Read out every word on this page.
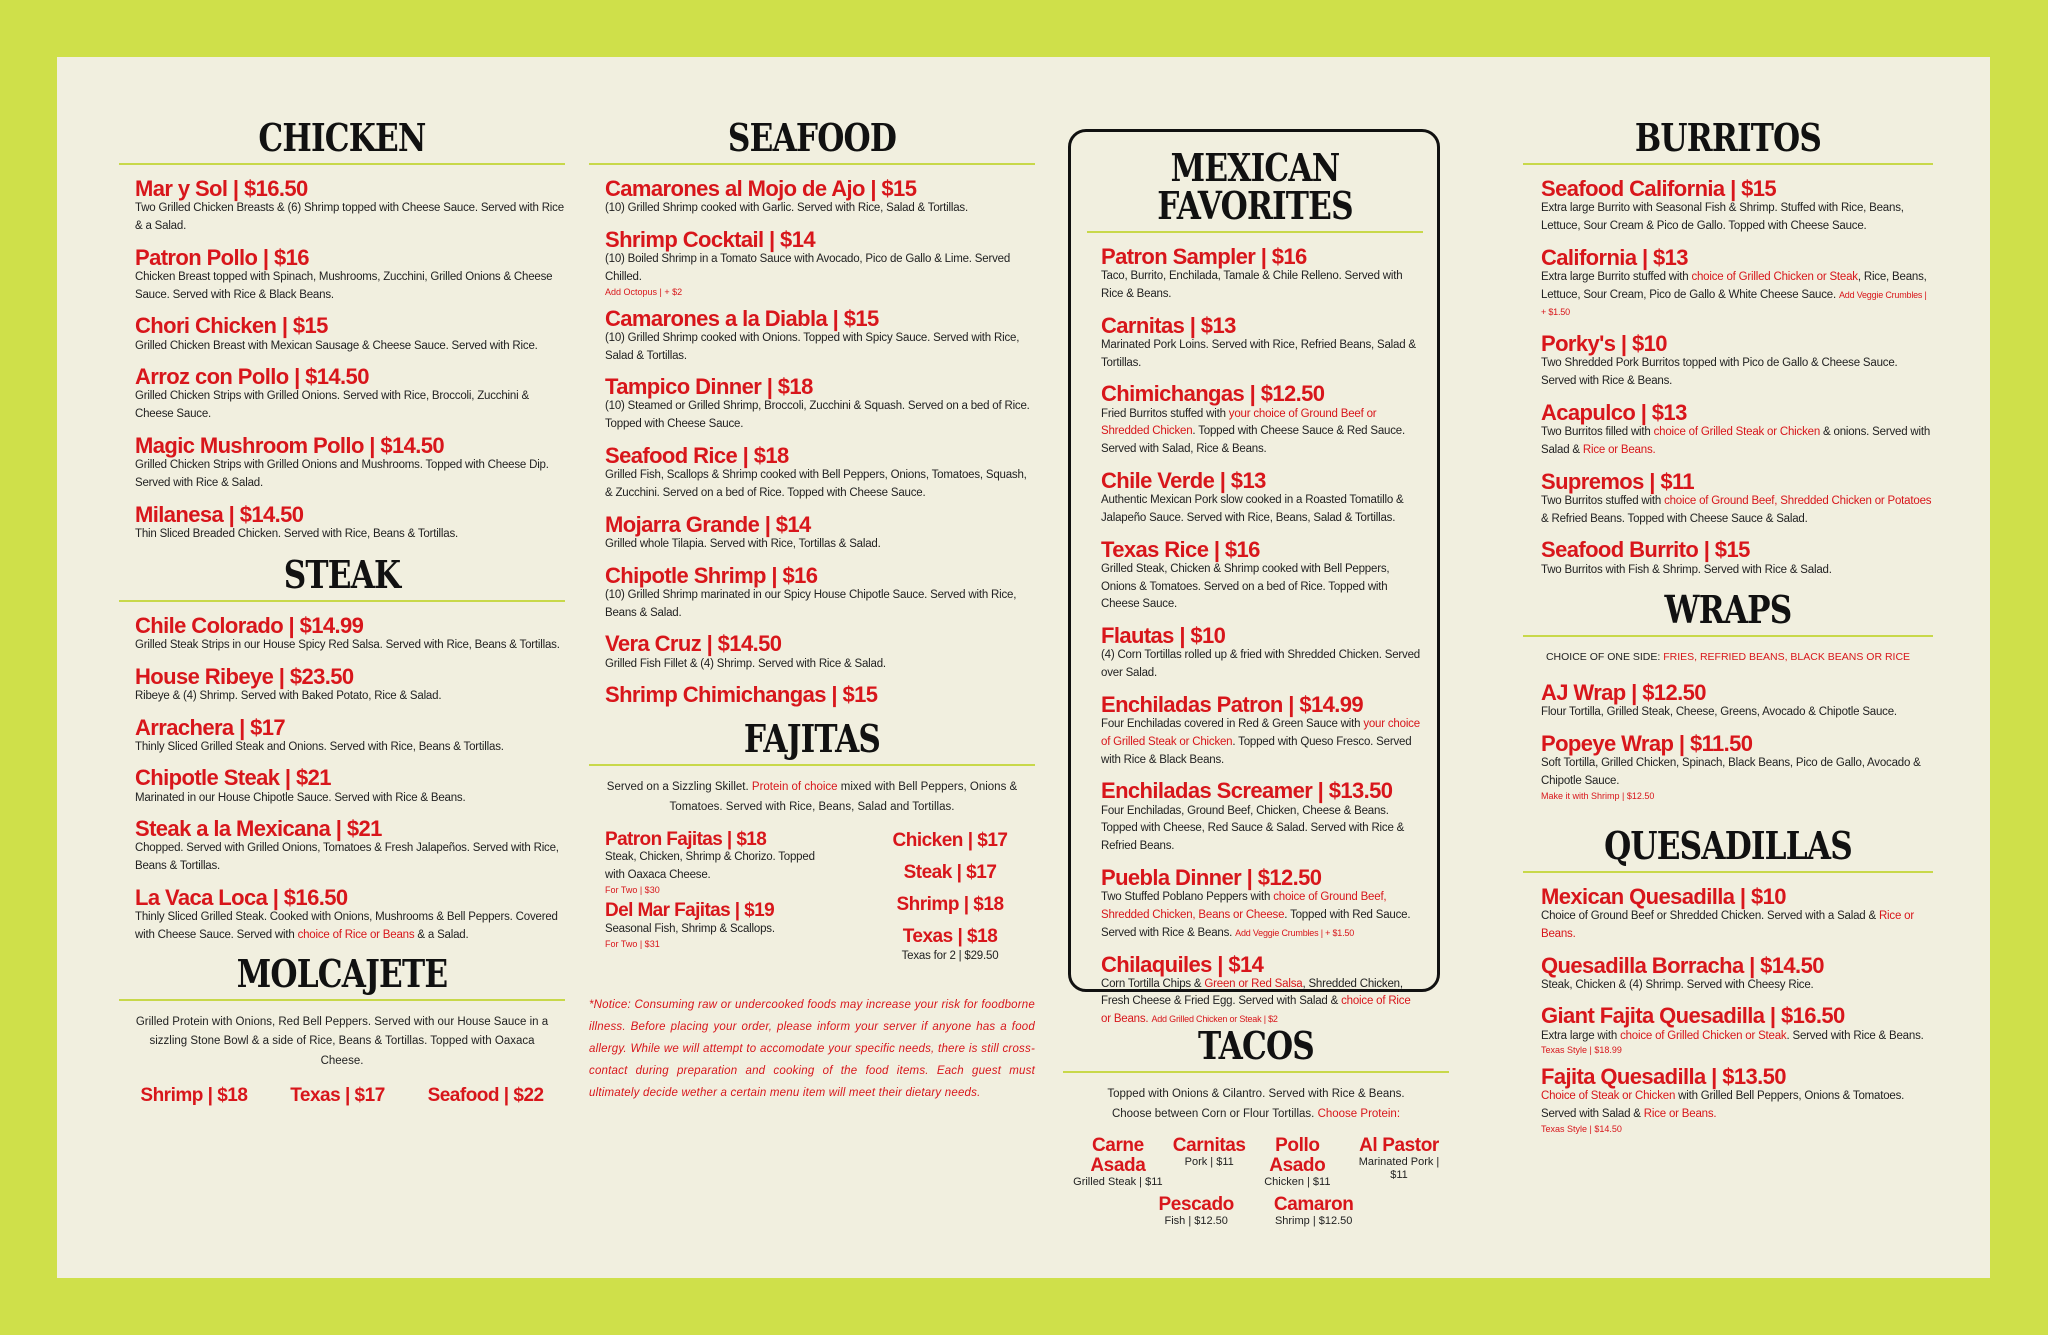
CHICKEN
Mar y Sol | $16.50
Two Grilled Chicken Breasts & (6) Shrimp topped with Cheese Sauce. Served with Rice & a Salad.
Patron Pollo | $16
Chicken Breast topped with Spinach, Mushrooms, Zucchini, Grilled Onions & Cheese Sauce. Served with Rice & Black Beans.
Chori Chicken | $15
Grilled Chicken Breast with Mexican Sausage & Cheese Sauce. Served with Rice.
Arroz con Pollo | $14.50
Grilled Chicken Strips with Grilled Onions. Served with Rice, Broccoli, Zucchini & Cheese Sauce.
Magic Mushroom Pollo | $14.50
Grilled Chicken Strips with Grilled Onions and Mushrooms. Topped with Cheese Dip. Served with Rice & Salad.
Milanesa | $14.50
Thin Sliced Breaded Chicken. Served with Rice, Beans & Tortillas.
STEAK
Chile Colorado | $14.99
Grilled Steak Strips in our House Spicy Red Salsa. Served with Rice, Beans & Tortillas.
House Ribeye | $23.50
Ribeye & (4) Shrimp. Served with Baked Potato, Rice & Salad.
Arrachera | $17
Thinly Sliced Grilled Steak and Onions. Served with Rice, Beans & Tortillas.
Chipotle Steak | $21
Marinated in our House Chipotle Sauce. Served with Rice & Beans.
Steak a la Mexicana | $21
Chopped. Served with Grilled Onions, Tomatoes & Fresh Jalapeños. Served with Rice, Beans & Tortillas.
La Vaca Loca | $16.50
Thinly Sliced Grilled Steak. Cooked with Onions, Mushrooms & Bell Peppers. Covered with Cheese Sauce. Served with choice of Rice or Beans & a Salad.
MOLCAJETE
Grilled Protein with Onions, Red Bell Peppers. Served with our House Sauce in a sizzling Stone Bowl & a side of Rice, Beans & Tortillas. Topped with Oaxaca Cheese.
Shrimp | $18 Texas | $17 Seafood | $22
SEAFOOD
Camarones al Mojo de Ajo | $15
(10) Grilled Shrimp cooked with Garlic. Served with Rice, Salad & Tortillas.
Shrimp Cocktail | $14
(10) Boiled Shrimp in a Tomato Sauce with Avocado, Pico de Gallo & Lime. Served Chilled.
Add Octopus | + $2
Camarones a la Diabla | $15
(10) Grilled Shrimp cooked with Onions. Topped with Spicy Sauce. Served with Rice, Salad & Tortillas.
Tampico Dinner | $18
(10) Steamed or Grilled Shrimp, Broccoli, Zucchini & Squash. Served on a bed of Rice. Topped with Cheese Sauce.
Seafood Rice | $18
Grilled Fish, Scallops & Shrimp cooked with Bell Peppers, Onions, Tomatoes, Squash, & Zucchini. Served on a bed of Rice. Topped with Cheese Sauce.
Mojarra Grande | $14
Grilled whole Tilapia. Served with Rice, Tortillas & Salad.
Chipotle Shrimp | $16
(10) Grilled Shrimp marinated in our Spicy House Chipotle Sauce. Served with Rice, Beans & Salad.
Vera Cruz | $14.50
Grilled Fish Fillet & (4) Shrimp. Served with Rice & Salad.
Shrimp Chimichangas | $15
FAJITAS
Served on a Sizzling Skillet. Protein of choice mixed with Bell Peppers, Onions & Tomatoes. Served with Rice, Beans, Salad and Tortillas.
Patron Fajitas | $18
Steak, Chicken, Shrimp & Chorizo. Topped with Oaxaca Cheese.
For Two | $30
Del Mar Fajitas | $19
Seasonal Fish, Shrimp & Scallops.
For Two | $31
Chicken | $17
Steak | $17
Shrimp | $18
Texas | $18
Texas for 2 | $29.50
*Notice: Consuming raw or undercooked foods may increase your risk for foodborne illness. Before placing your order, please inform your server if anyone has a food allergy. While we will attempt to accomodate your specific needs, there is still cross-contact during preparation and cooking of the food items. Each guest must ultimately decide wether a certain menu item will meet their dietary needs.
MEXICAN FAVORITES
Patron Sampler | $16
Taco, Burrito, Enchilada, Tamale & Chile Relleno. Served with Rice & Beans.
Carnitas | $13
Marinated Pork Loins. Served with Rice, Refried Beans, Salad & Tortillas.
Chimichangas | $12.50
Fried Burritos stuffed with your choice of Ground Beef or Shredded Chicken. Topped with Cheese Sauce & Red Sauce. Served with Salad, Rice & Beans.
Chile Verde | $13
Authentic Mexican Pork slow cooked in a Roasted Tomatillo & Jalapeño Sauce. Served with Rice, Beans, Salad & Tortillas.
Texas Rice | $16
Grilled Steak, Chicken & Shrimp cooked with Bell Peppers, Onions & Tomatoes. Served on a bed of Rice. Topped with Cheese Sauce.
Flautas | $10
(4) Corn Tortillas rolled up & fried with Shredded Chicken. Served over Salad.
Enchiladas Patron | $14.99
Four Enchiladas covered in Red & Green Sauce with your choice of Grilled Steak or Chicken. Topped with Queso Fresco. Served with Rice & Black Beans.
Enchiladas Screamer | $13.50
Four Enchiladas, Ground Beef, Chicken, Cheese & Beans. Topped with Cheese, Red Sauce & Salad. Served with Rice & Refried Beans.
Puebla Dinner | $12.50
Two Stuffed Poblano Peppers with choice of Ground Beef, Shredded Chicken, Beans or Cheese. Topped with Red Sauce. Served with Rice & Beans. Add Veggie Crumbles | + $1.50
Chilaquiles | $14
Corn Tortilla Chips & Green or Red Salsa, Shredded Chicken, Fresh Cheese & Fried Egg. Served with Salad & choice of Rice or Beans. Add Grilled Chicken or Steak | $2
TACOS
Topped with Onions & Cilantro. Served with Rice & Beans.
Choose between Corn or Flour Tortillas. Choose Protein:
Carne Asada
Grilled Steak | $11
Carnitas
Pork | $11
Pollo Asado
Chicken | $11
Al Pastor
Marinated Pork | $11
Pescado
Fish | $12.50
Camaron
Shrimp | $12.50
BURRITOS
Seafood California | $15
Extra large Burrito with Seasonal Fish & Shrimp. Stuffed with Rice, Beans, Lettuce, Sour Cream & Pico de Gallo. Topped with Cheese Sauce.
California | $13
Extra large Burrito stuffed with choice of Grilled Chicken or Steak, Rice, Beans, Lettuce, Sour Cream, Pico de Gallo & White Cheese Sauce. Add Veggie Crumbles | + $1.50
Porky's | $10
Two Shredded Pork Burritos topped with Pico de Gallo & Cheese Sauce. Served with Rice & Beans.
Acapulco | $13
Two Burritos filled with choice of Grilled Steak or Chicken & onions. Served with Salad & Rice or Beans.
Supremos | $11
Two Burritos stuffed with choice of Ground Beef, Shredded Chicken or Potatoes & Refried Beans. Topped with Cheese Sauce & Salad.
Seafood Burrito | $15
Two Burritos with Fish & Shrimp. Served with Rice & Salad.
WRAPS
CHOICE OF ONE SIDE: FRIES, REFRIED BEANS, BLACK BEANS OR RICE
AJ Wrap | $12.50
Flour Tortilla, Grilled Steak, Cheese, Greens, Avocado & Chipotle Sauce.
Popeye Wrap | $11.50
Soft Tortilla, Grilled Chicken, Spinach, Black Beans, Pico de Gallo, Avocado & Chipotle Sauce.
Make it with Shrimp | $12.50
QUESADILLAS
Mexican Quesadilla | $10
Choice of Ground Beef or Shredded Chicken. Served with a Salad & Rice or Beans.
Quesadilla Borracha | $14.50
Steak, Chicken & (4) Shrimp. Served with Cheesy Rice.
Giant Fajita Quesadilla | $16.50
Extra large with choice of Grilled Chicken or Steak. Served with Rice & Beans.
Texas Style | $18.99
Fajita Quesadilla | $13.50
Choice of Steak or Chicken with Grilled Bell Peppers, Onions & Tomatoes. Served with Salad & Rice or Beans.
Texas Style | $14.50
